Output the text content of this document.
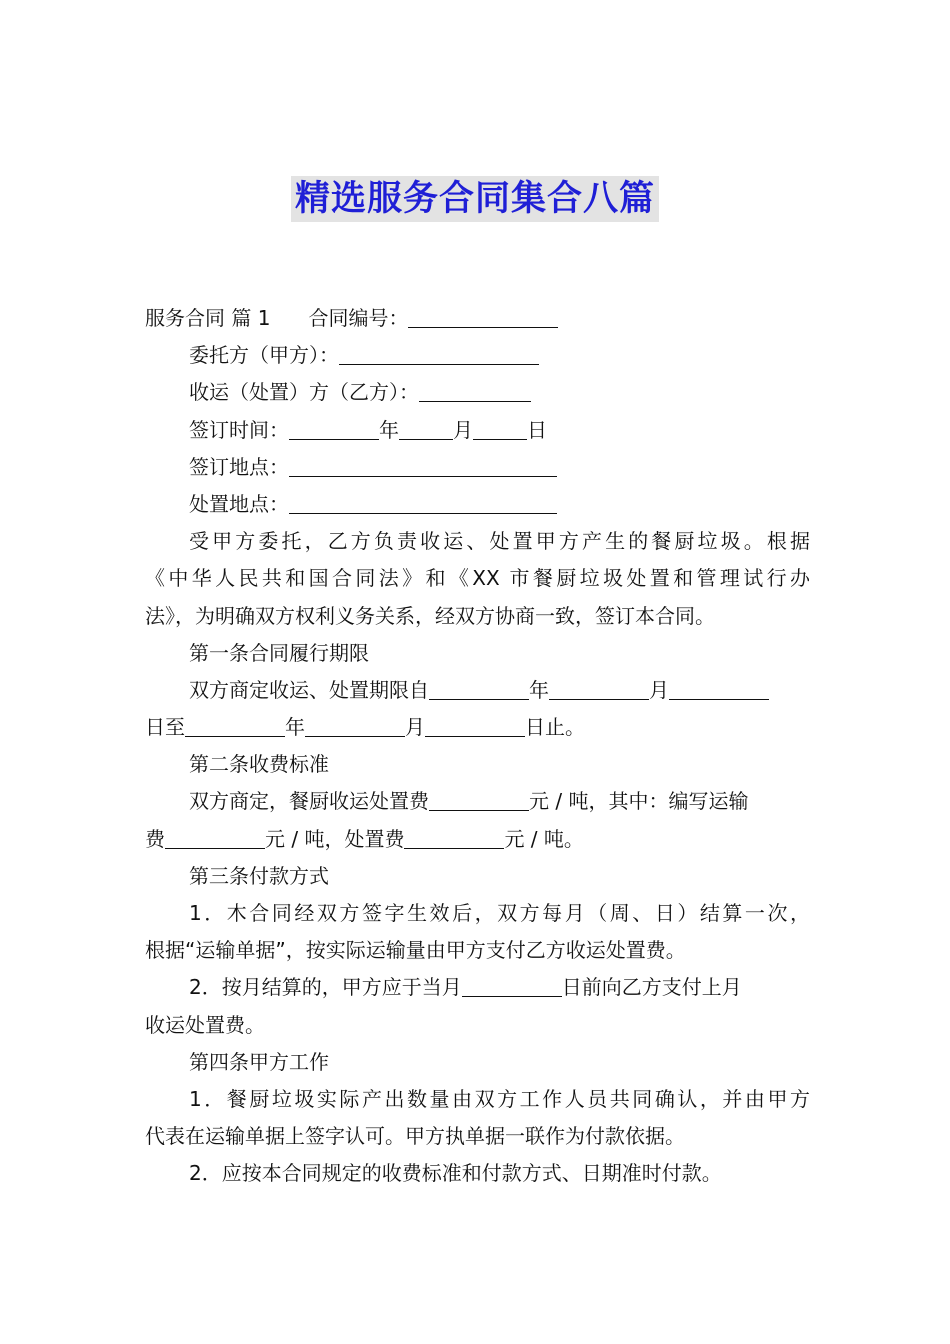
精选服务合同集合八篇
服务合同 篇 1 合同编号：
委托方（甲方）：
收运（处置）方（乙方）：
签订时间：	年	月	日
签订地点：
处置地点：
受甲方委托，乙方负责收运、处置甲方产生的餐厨垃圾。根据
《中华人民共和国合同法》和《XX 市餐厨垃圾处置和管理试行办
法》，为明确双方权利义务关系，经双方协商一致，签订本合同。
第一条合同履行期限
双方商定收运、处置期限自	年	月
日至	年	月	日止。
第二条收费标准
双方商定，餐厨收运处置费	元 / 吨，其中：编写运输
费	元 / 吨，处置费	元 / 吨。
第三条付款方式
1．木合同经双方签字生效后，双方每月（周、日）结算一次，
根据“运输单据”，按实际运输量由甲方支付乙方收运处置费。
2．按月结算的，甲方应于当月	日前向乙方支付上月
收运处置费。
第四条甲方工作
1．餐厨垃圾实际产出数量由双方工作人员共同确认，并由甲方
代表在运输单据上签字认可。甲方执单据一联作为付款依据。
2．应按本合同规定的收费标准和付款方式、日期准时付款。
